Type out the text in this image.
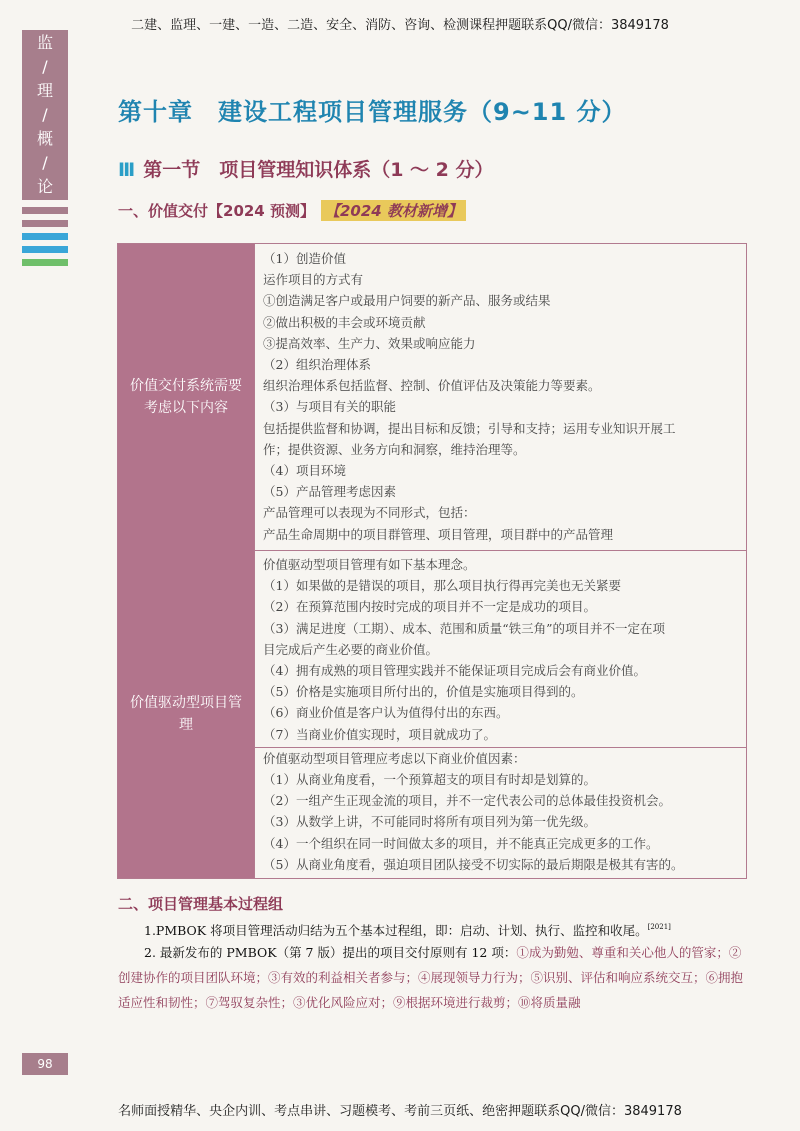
二建、监理、一建、一造、二造、安全、消防、咨询、检测课程押题联系QQ/微信：3849178
监
/
理
/
概
/
论
第十章　建设工程项目管理服务（9~11 分）
III 第一节　项目管理知识体系（1 ～ 2 分）
一、价值交付【2024 预测】 【2024 教材新增】
价值交付系统需要考虑以下内容
（1）创造价值
运作项目的方式有
①创造满足客户或最用户饲要的新产品、服务或结果
②做出积极的丰会或环境贡献
③提高效率、生产力、效果或响应能力
（2）组织治理体系
组织治理体系包括监督、控制、价值评估及决策能力等要素。
（3）与项目有关的职能
包括提供监督和协调，提出目标和反馈；引导和支持；运用专业知识开展工
作；提供资源、业务方向和洞察，维持治理等。
（4）项目环境
（5）产品管理考虑因素
产品管理可以表现为不同形式，包括：
产品生命周期中的项目群管理、项目管理，项目群中的产品管理
价值驱动型项目管理
价值驱动型项目管理有如下基本理念。
（1）如果做的是错误的项目，那么项目执行得再完美也无关紧要
（2）在预算范围内按时完成的项目并不一定是成功的项目。
（3）满足进度（工期）、成本、范围和质量“铁三角”的项目并不一定在项
目完成后产生必要的商业价值。
（4）拥有成熟的项目管理实践并不能保证项目完成后会有商业价值。
（5）价格是实施项目所付出的，价值是实施项目得到的。
（6）商业价值是客户认为值得付出的东西。
（7）当商业价值实现时，项目就成功了。
价值驱动型项目管理应考虑以下商业价值因素：
（1）从商业角度看，一个预算超支的项目有时却是划算的。
（2）一组产生正现金流的项目，并不一定代表公司的总体最佳投资机会。
（3）从数学上讲，不可能同时将所有项目列为第一优先级。
（4）一个组织在同一时间做太多的项目，并不能真正完成更多的工作。
（5）从商业角度看，强迫项目团队接受不切实际的最后期限是极其有害的。
二、项目管理基本过程组
1.PMBOK 将项目管理活动归结为五个基本过程组，即：启动、计划、执行、监控和收尾。[2021]
2. 最新发布的 PMBOK（第 7 版）提出的项目交付原则有 12 项：①成为勤勉、尊重和关心他人的管家；②创建协作的项目团队环境；③有效的利益相关者参与；④展现领导力行为；⑤识别、评估和响应系统交互；⑥拥抱适应性和韧性；⑦驾驭复杂性；③优化风险应对；⑨根据环境进行裁剪；⑩将质量融
98
名师面授精华、央企内训、考点串讲、习题模考、考前三页纸、绝密押题联系QQ/微信：3849178
